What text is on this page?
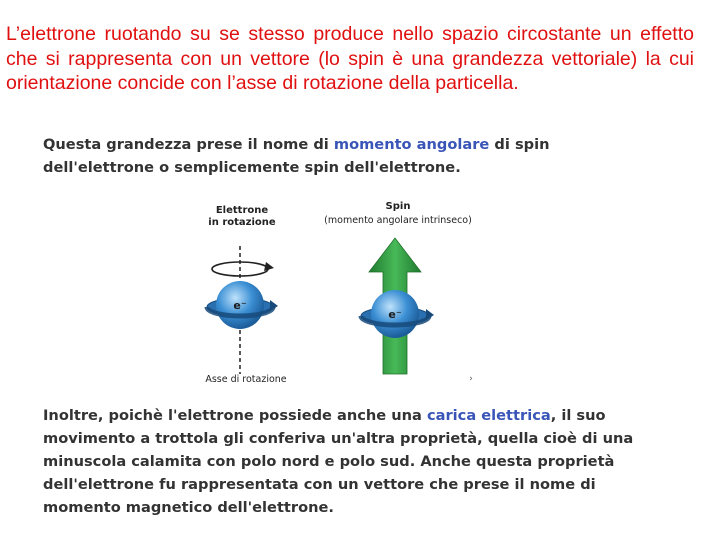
L’elettrone ruotando su se stesso produce nello spazio circostante un effetto che si rappresenta con un vettore (lo spin è una grandezza vettoriale) la cui orientazione concide con l’asse di rotazione della particella.

Questa grandezza prese il nome di momento angolare di spin dell'elettrone o semplicemente spin dell'elettrone.

Elettrone
in rotazione
Spin
(momento angolare intrinseco)
e⁻
e⁻
Asse di rotazione	›

Inoltre, poichè l'elettrone possiede anche una carica elettrica, il suo movimento a trottola gli conferiva un'altra proprietà, quella cioè di una minuscola calamita con polo nord e polo sud. Anche questa proprietà dell'elettrone fu rappresentata con un vettore che prese il nome di momento magnetico dell'elettrone.
